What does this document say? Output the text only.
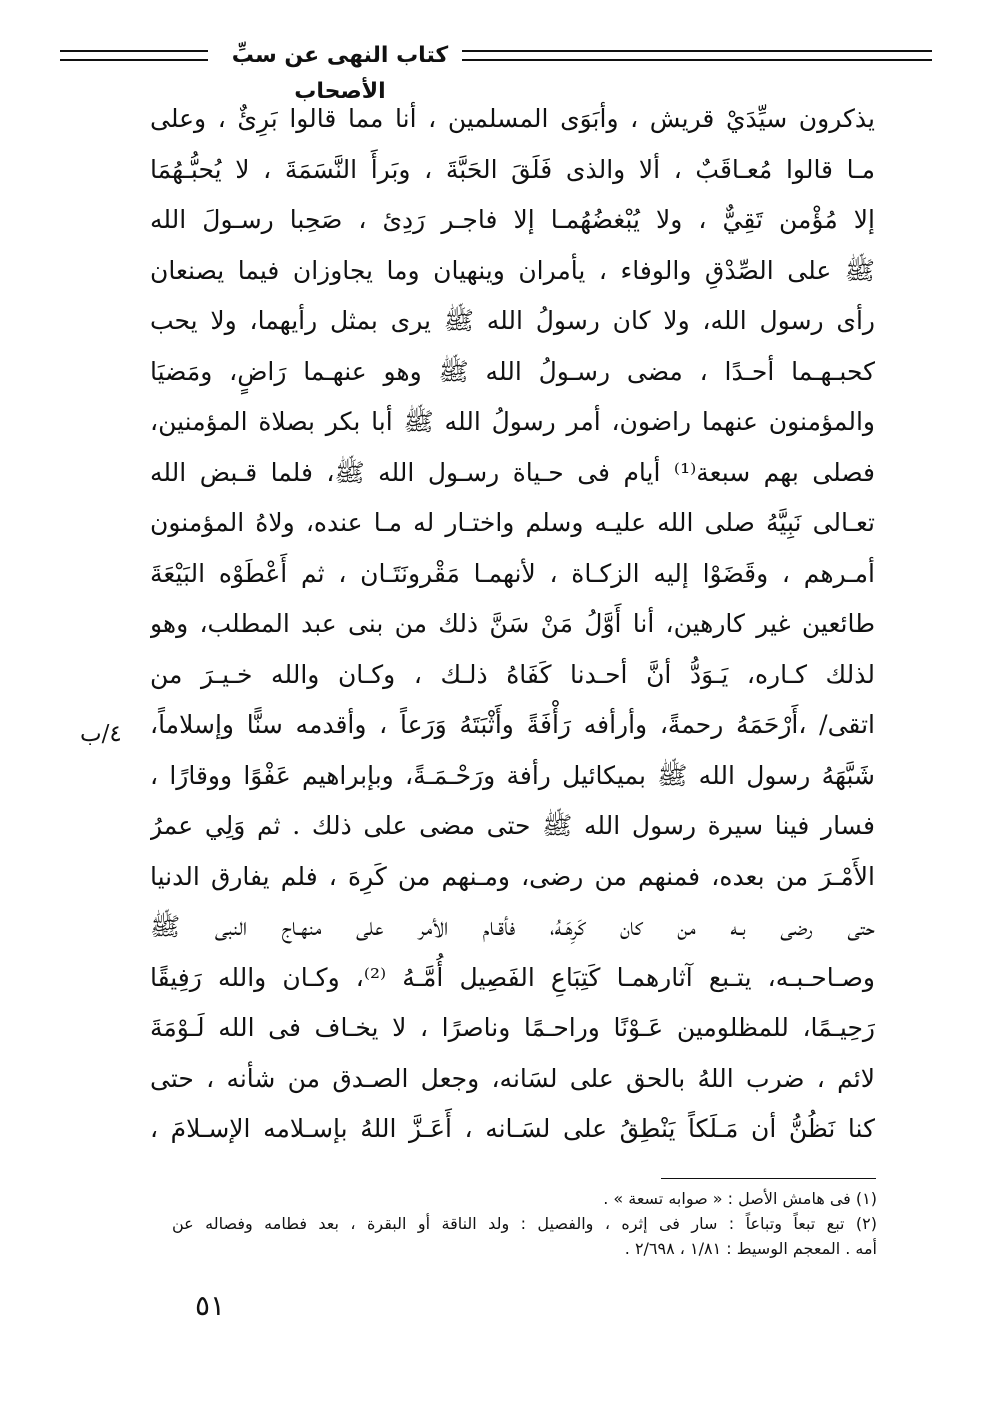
كتاب النهى عن سبِّ الأصحاب
يذكرون سيِّدَيْ قريش ، وأبَوَى المسلمين ، أنا مما قالوا بَرِئٌ ، وعلى
مـا قالوا مُعـاقَبٌ ، ألا والذى فَلَقَ الحَبَّةَ ، وبَرأَ النَّسَمَةَ ، لا يُحبُّـهُمَا
إلا مُؤْمن تَقِيٌّ ، ولا يُبْغضُهُمـا إلا فاجـر رَدِئ ، صَحِبا رسـولَ الله
ﷺ على الصِّدْقِ والوفاء ، يأمران وينهيان وما يجاوزان فيما يصنعان
رأى رسول الله، ولا كان رسولُ الله ﷺ يرى بمثل رأيهما، ولا يحب
كحبـهـما أحـدًا ، مضى رسـولُ الله ﷺ وهو عنهـما رَاضٍ، ومَضيَا
والمؤمنون عنهما راضون، أمر رسولُ الله ﷺ أبا بكر بصلاة المؤمنين،
فصلى بهم سبعة⁽¹⁾ أيام فى حـياة رسـول الله ﷺ، فلما قـبض الله
تعـالى نَبِيَّهُ صلى الله عليـه وسلم واختـار له مـا عنده، ولاهُ المؤمنون
أمـرهم ، وقَضَوْا إليه الزكـاة ، لأنهمـا مَقْرونَتَـان ، ثم أَعْطَوْه البَيْعَةَ
طائعين غير كارهين، أنا أَوَّلُ مَنْ سَنَّ ذلك من بنى عبد المطلب، وهو
لذلك كـاره، يَـوَدُّ أنَّ أحـدنا كَفَاهُ ذلـك ، وكـان والله خـيـرَ من
اتقى/ ،أَرْحَمَهُ رحمةً، وأرأفه رَأْفَةً وأَثْبَتَهُ وَرَعاً ، وأقدمه سنًّا وإسلاماً،
شَبَّهَهُ رسول الله ﷺ بميكائيل رأفة ورَحْـمَـةً، وبإبراهيم عَفْوًا ووقارًا ،
فسار فينا سيرة رسول الله ﷺ حتى مضى على ذلك . ثم وَلِي عمرُ
الأَمْـرَ من بعده، فمنهم من رضى، ومـنهم من كَرِهَ ، فلم يفارق الدنيا
حتى رضى بـه من كان كَرِهَـهُ، فأقـام الأمر على منهـاج النبى ﷺ
وصـاحـبـه، يتـبع آثارهمـا كَتِبَاعِ الفَصِيل أُمَّـهُ ⁽²⁾، وكـان والله رَفِيقًا
رَحِيـمًا، للمظلومين عَـوْنًا وراحـمًا وناصرًا ، لا يخـاف فى الله لَـوْمَةَ
لائم ، ضرب اللهُ بالحق على لسَانه، وجعل الصـدق من شأنه ، حتى
كنا نَظُنُّ أن مَـلَكاً يَنْطِقُ على لسَـانه ، أَعَـزَّ اللهُ بإسـلامه الإسـلامَ ،
٤/ب
(١) فى هامش الأصل : « صوابه تسعة » .
(٢) تبع تبعاً وتباعاً : سار فى إثره ، والفصيل : ولد الناقة أو البقرة ، بعد فطامه وفصاله عن
أمه . المعجم الوسيط : ١/٨١ ، ٢/٦٩٨ .
٥١
